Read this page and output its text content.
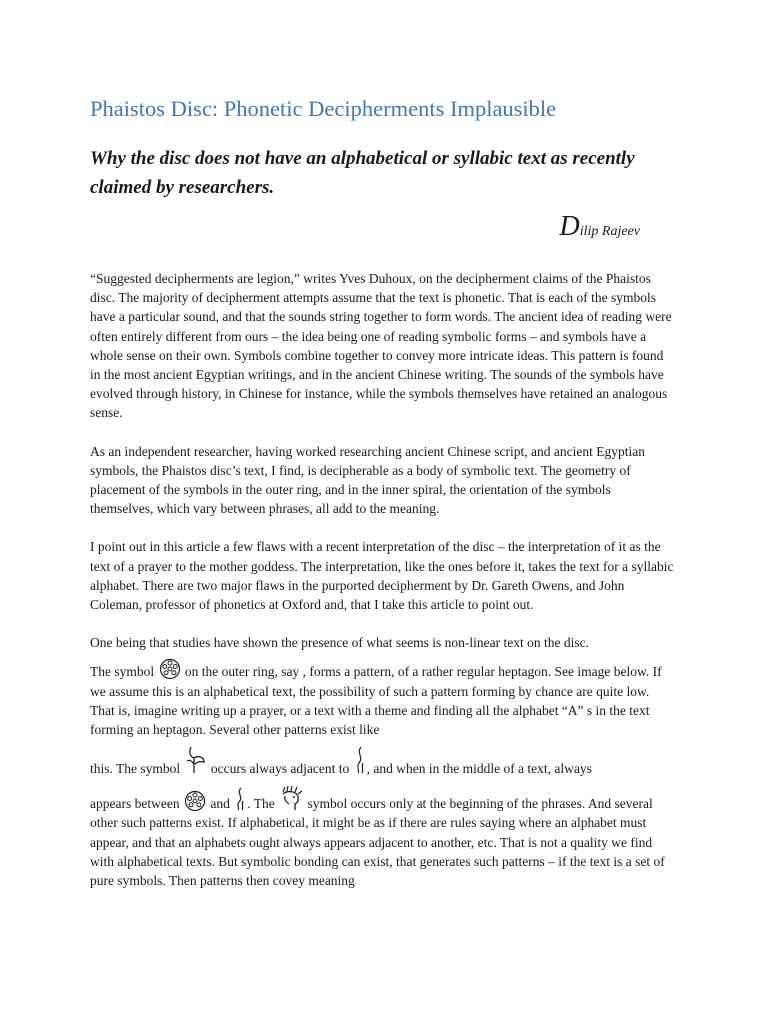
Phaistos Disc: Phonetic Decipherments Implausible
Why the disc does not have an alphabetical or syllabic text as recently claimed by researchers.
Dilip Rajeev

“Suggested decipherments are legion,” writes Yves Duhoux, on the decipherment claims of the Phaistos disc. The majority of decipherment attempts assume that the text is phonetic. That is each of the symbols have a particular sound, and that the sounds string together to form words. The ancient idea of reading were often entirely different from ours – the idea being one of reading symbolic forms – and symbols have a whole sense on their own. Symbols combine together to convey more intricate ideas. This pattern is found in the most ancient Egyptian writings, and in the ancient Chinese writing. The sounds of the symbols have evolved through history, in Chinese for instance, while the symbols themselves have retained an analogous sense.

As an independent researcher, having worked researching ancient Chinese script, and ancient Egyptian symbols, the Phaistos disc’s text, I find, is decipherable as a body of symbolic text. The geometry of placement of the symbols in the outer ring, and in the inner spiral, the orientation of the symbols themselves, which vary between phrases, all add to the meaning.

I point out in this article a few flaws with a recent interpretation of the disc – the interpretation of it as the text of a prayer to the mother goddess. The interpretation, like the ones before it, takes the text for a syllabic alphabet. There are two major flaws in the purported decipherment by Dr. Gareth Owens, and John Coleman, professor of phonetics at Oxford and, that I take this article to point out.

One being that studies have shown the presence of what seems is non-linear text on the disc.

The symbol on the outer ring, say , forms a pattern, of a rather regular heptagon. See image below. If we assume this is an alphabetical text, the possibility of such a pattern forming by chance are quite low. That is, imagine writing up a prayer, or a text with a theme and finding all the alphabet “A” s in the text forming an heptagon. Several other patterns exist like

this. The symbol occurs always adjacent to , and when in the middle of a text, always

appears between and . The symbol occurs only at the beginning of the phrases. And several other such patterns exist. If alphabetical, it might be as if there are rules saying where an alphabet must appear, and that an alphabets ought always appears adjacent to another, etc. That is not a quality we find with alphabetical texts. But symbolic bonding can exist, that generates such patterns – if the text is a set of pure symbols. Then patterns then covey meaning
